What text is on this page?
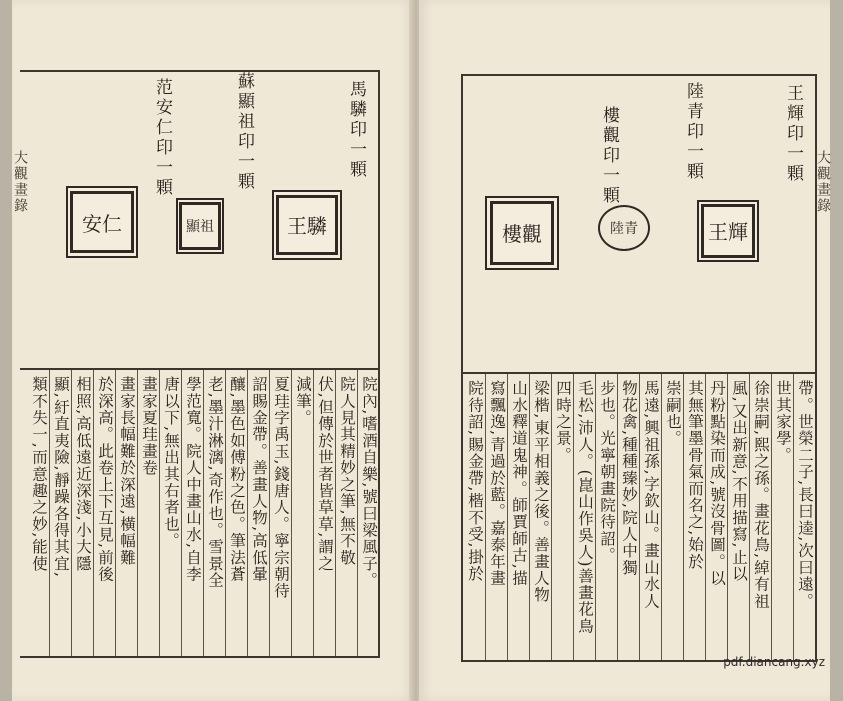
大觀畫錄
馬驎印一顆
蘇顯祖印一顆
范安仁印一顆
王驎
顯祖
安仁
院內,嗜酒自樂,號曰梁風子。
院人見其精妙之筆,無不敬
伏,但傳於世者皆草草,謂之
減筆。
夏珪字禹玉,錢唐人。寧宗朝待
詔賜金帶。善畫人物,高低暈
釀,墨色如傅粉之色。筆法蒼
老,墨汁淋漓,奇作也。雪景全
學范寬。院人中畫山水,自李
唐以下,無出其右者也。
畫家夏珪畫卷
畫家長幅難於深遠,橫幅難
於深高。此卷上下互見,前後
相照,高低遠近深淺,小大隱
顯,紆直夷險,靜躁各得其宜,
類不失一,而意趣之妙,能使
大觀畫錄
王輝印一顆
陸青印一顆
樓觀印一顆
王輝
陸青
樓觀
帶。世榮二子,長曰逵,次曰遠。
世其家學。
徐崇嗣,熙之孫。畫花鳥,綽有祖
風,又出新意,不用描寫,止以
丹粉點染而成,號沒骨圖。以
其無筆墨骨氣而名之,始於
崇嗣也。
馬遠,興祖孫,字欽山。畫山水人
物花禽,種種臻妙,院人中獨
步也。光寧朝畫院待詔。
毛松,沛人。(崑山作吳人)善畫花鳥
四時之景。
梁楷,東平相義之後。善畫人物
山水釋道鬼神。師賈師古,描
寫飄逸,青過於藍。嘉泰年畫
院待詔,賜金帶,楷不受,掛於
pdf.diancang.xyz
